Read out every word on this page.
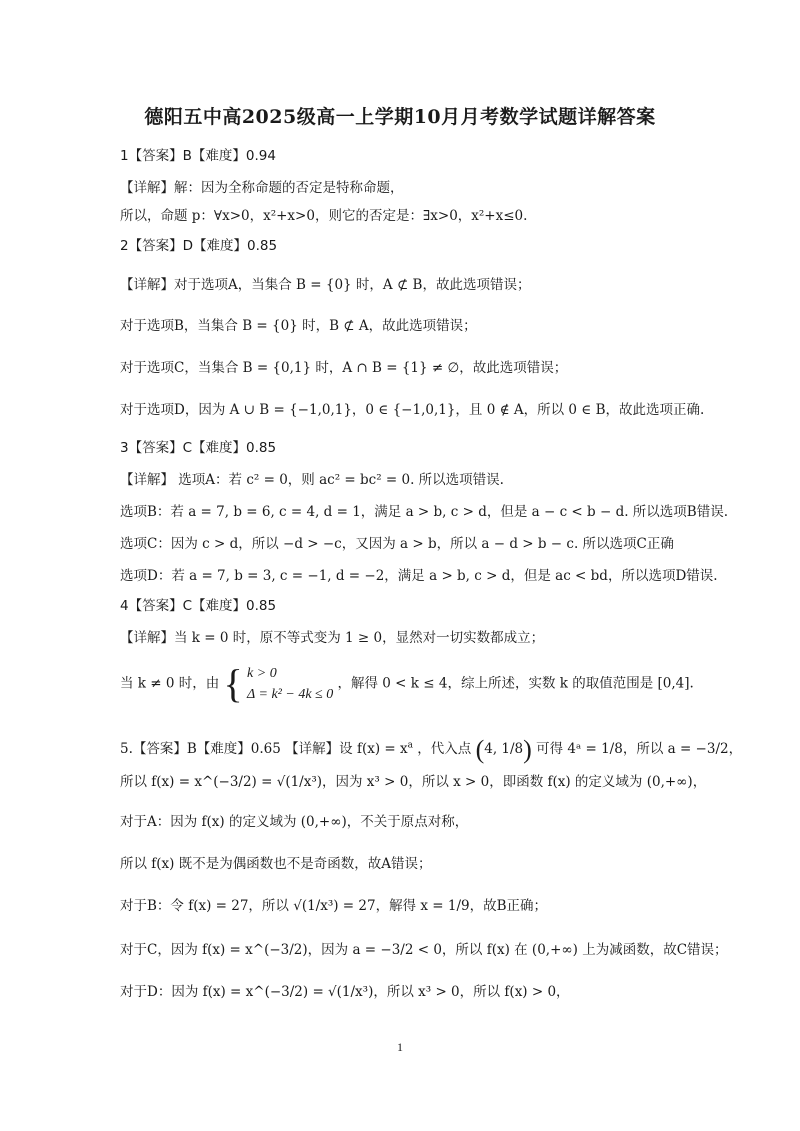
德阳五中高2025级高一上学期10月月考数学试题详解答案
1【答案】B【难度】0.94
【详解】解：因为全称命题的否定是特称命题，
所以，命题 p：∀x>0，x²+x>0，则它的否定是：∃x>0，x²+x≤0.
2【答案】D【难度】0.85
【详解】对于选项A，当集合 B = {0} 时，A ⊄ B，故此选项错误；
对于选项B，当集合 B = {0} 时，B ⊄ A，故此选项错误；
对于选项C，当集合 B = {0,1} 时，A ∩ B = {1} ≠ ∅，故此选项错误；
对于选项D，因为 A ∪ B = {−1,0,1}，0 ∈ {−1,0,1}，且 0 ∉ A，所以 0 ∈ B，故此选项正确.
3【答案】C【难度】0.85
【详解】 选项A：若 c² = 0，则 ac² = bc² = 0. 所以选项错误.
选项B：若 a = 7, b = 6, c = 4, d = 1，满足 a > b, c > d，但是 a − c < b − d. 所以选项B错误.
选项C：因为 c > d，所以 −d > −c，又因为 a > b，所以 a − d > b − c. 所以选项C正确
选项D：若 a = 7, b = 3, c = −1, d = −2，满足 a > b, c > d，但是 ac < bd，所以选项D错误.
4【答案】C【难度】0.85
【详解】当 k = 0 时，原不等式变为 1 ≥ 0，显然对一切实数都成立；
当 k ≠ 0 时，由 { k > 0
Δ = k² − 4k ≤ 0
，解得 0 < k ≤ 4，综上所述，实数 k 的取值范围是 [0,4].
5.【答案】B【难度】0.65 【详解】设 $f(x) = x^a$ ，代入点 (4, 1/8) 可得 4ᵃ = 1/8，所以 a = −3/2，
所以 f(x) = x^(−3/2) = √(1/x³)，因为 x³ > 0，所以 x > 0，即函数 f(x) 的定义域为 (0,+∞)，
对于A：因为 f(x) 的定义域为 (0,+∞)，不关于原点对称，
所以 f(x) 既不是为偶函数也不是奇函数，故A错误；
对于B：令 f(x) = 27，所以 √(1/x³) = 27，解得 x = 1/9，故B正确；
对于C，因为 f(x) = x^(−3/2)，因为 a = −3/2 < 0，所以 f(x) 在 (0,+∞) 上为减函数，故C错误；
对于D：因为 f(x) = x^(−3/2) = √(1/x³)，所以 x³ > 0，所以 f(x) > 0，
1
